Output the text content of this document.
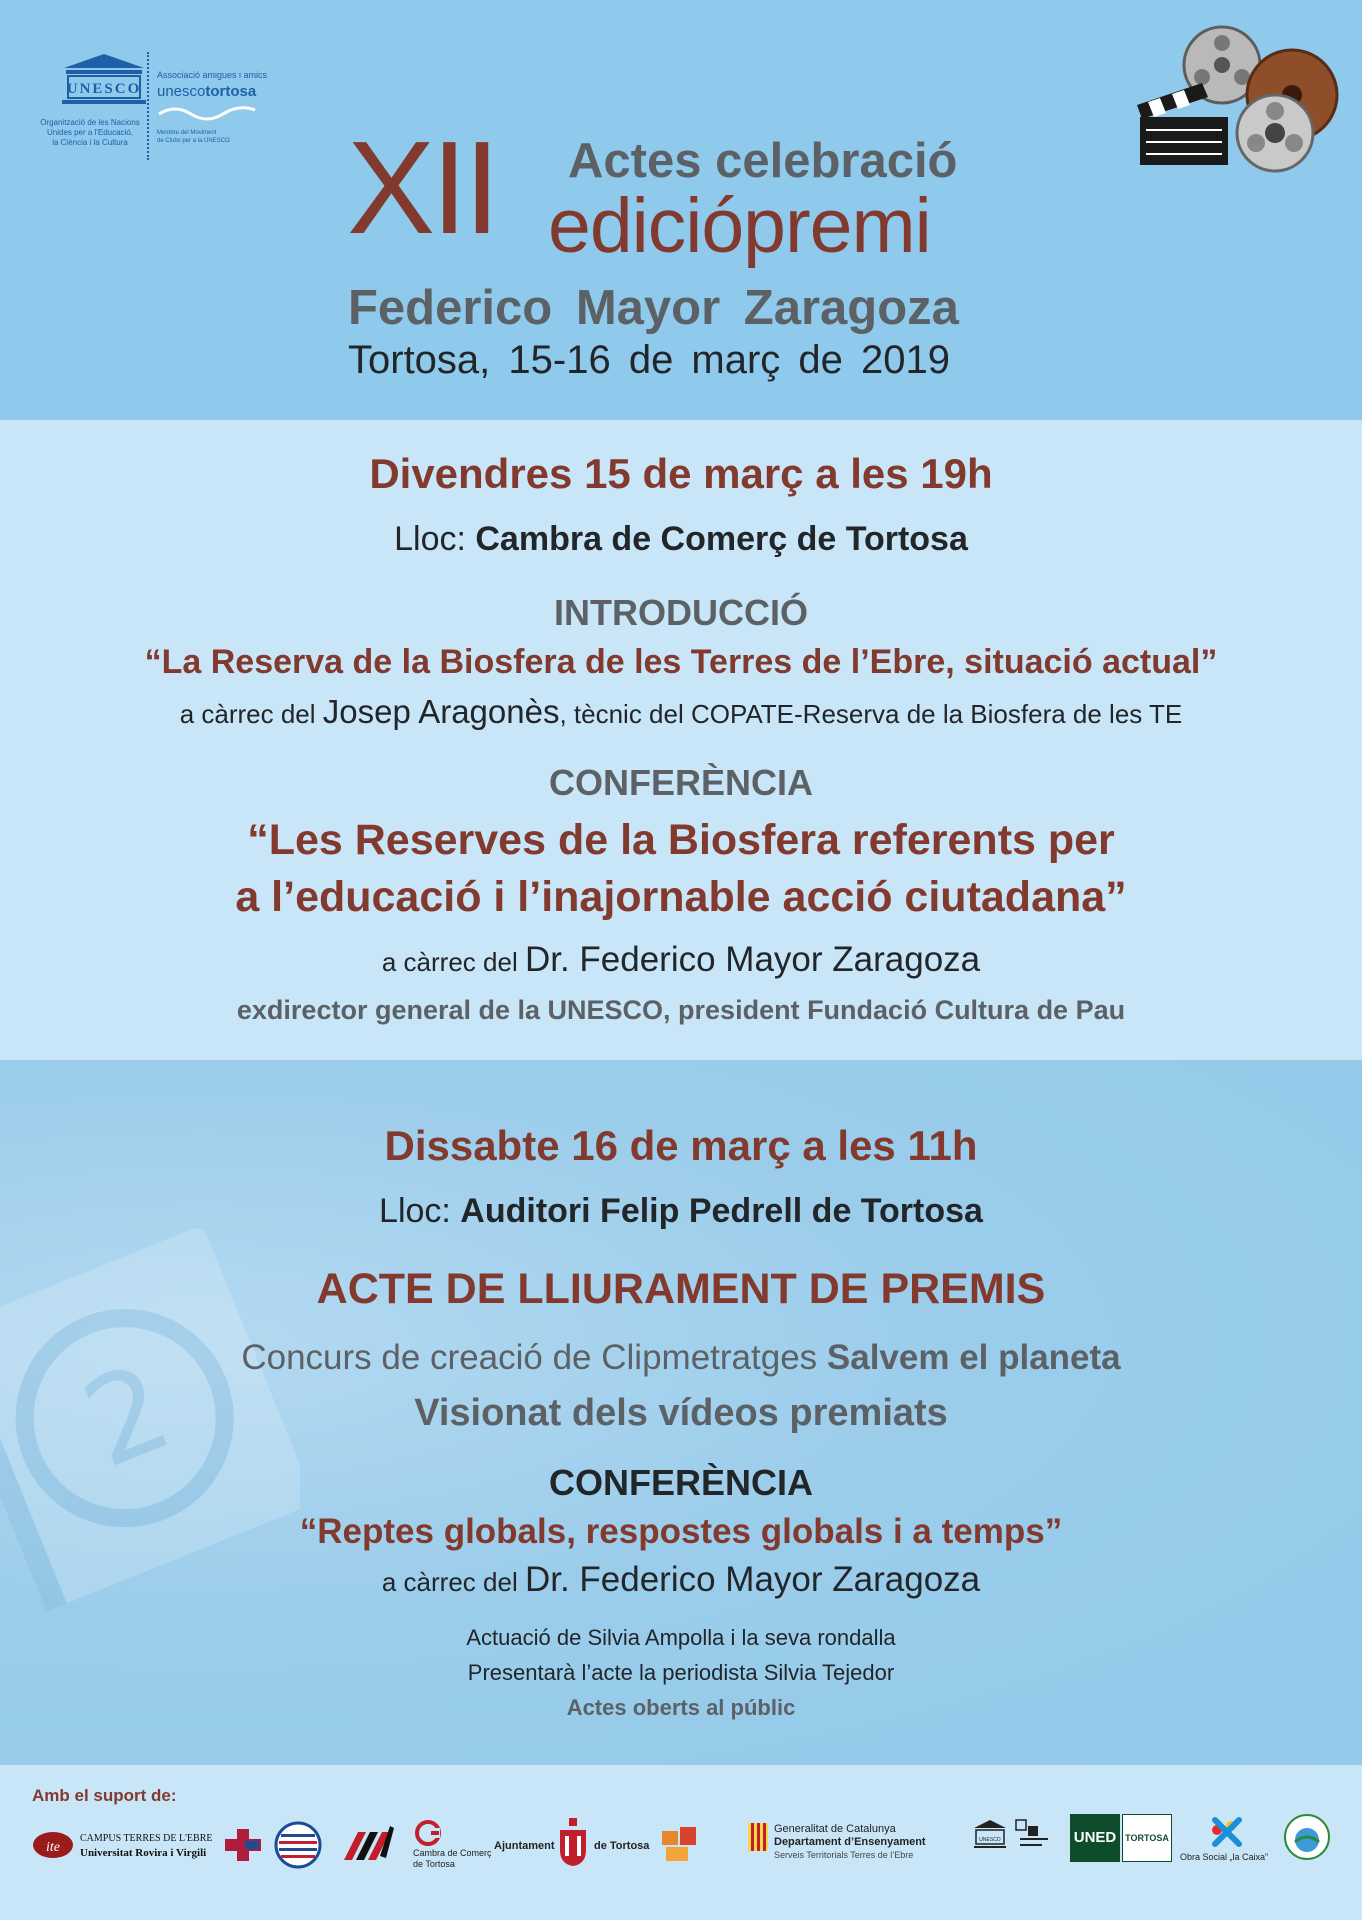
2
UNESCO
Organització de les Nacions
Unides per a l'Educació,
la Ciència i la Cultura
Associació amigues i amics
unescotortosa
Membre del Moviment
de Clubs per a la UNESCO XII Actes celebració
ediciópremi
Federico Mayor Zaragoza
Tortosa, 15-16 de març de 2019
Divendres 15 de març a les 19h
Lloc: Cambra de Comerç de Tortosa
INTRODUCCIÓ
“La Reserva de la Biosfera de les Terres de l’Ebre, situació actual”
a càrrec del Josep Aragonès, tècnic del COPATE-Reserva de la Biosfera de les TE
CONFERÈNCIA
“Les Reserves de la Biosfera referents per
a l’educació i l’inajornable acció ciutadana”
a càrrec del Dr. Federico Mayor Zaragoza
exdirector general de la UNESCO, president Fundació Cultura de Pau
Dissabte 16 de març a les 11h
Lloc: Auditori Felip Pedrell de Tortosa
ACTE DE LLIURAMENT DE PREMIS
Concurs de creació de Clipmetratges Salvem el planeta
Visionat dels vídeos premiats
CONFERÈNCIA
“Reptes globals, respostes globals i a temps”
a càrrec del Dr. Federico Mayor Zaragoza
Actuació de Silvia Ampolla i la seva rondalla
Presentarà l’acte la periodista Silvia Tejedor
Actes oberts al públic
Amb el suport de:
ite
CAMPUS TERRES DE L'EBRE
Universitat Rovira i Virgili	Cambra de Comerç
de Tortosa
Ajuntament	de Tortosa
Generalitat de Catalunya
Departament d’Ensenyament
Serveis Territorials Terres de l’Ebre
UNESCO	UNED TORTOSA
Obra Social „la Caixa”
